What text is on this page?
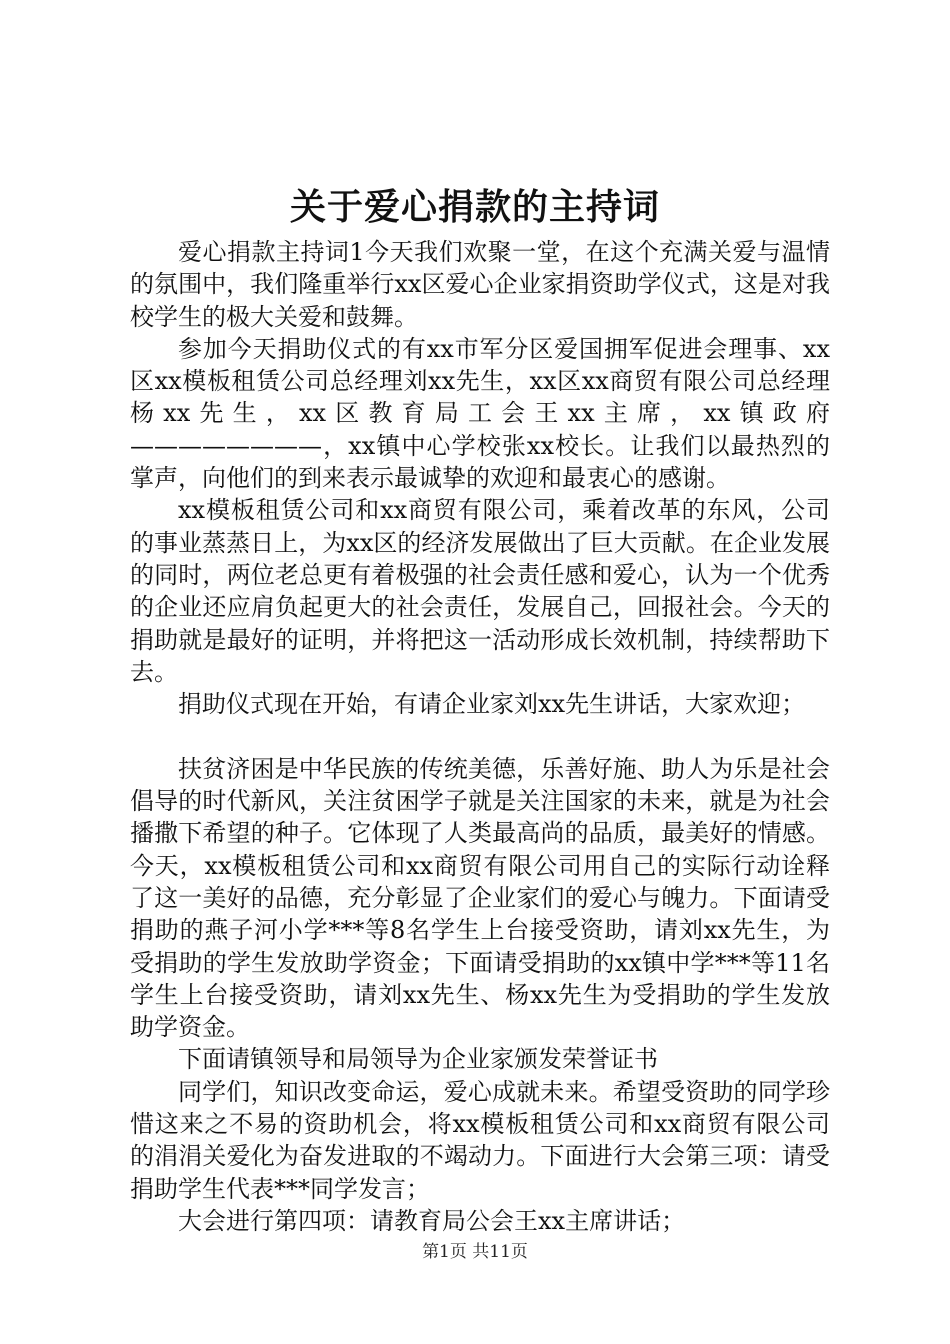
关于爱心捐款的主持词

爱心捐款主持词1今天我们欢聚一堂，在这个充满关爱与温情的氛围中，我们隆重举行xx区爱心企业家捐资助学仪式，这是对我校学生的极大关爱和鼓舞。

参加今天捐助仪式的有xx市军分区爱国拥军促进会理事、xx区xx模板租赁公司总经理刘xx先生，xx区xx商贸有限公司总经理杨xx先生，xx区教育局工会王xx主席，xx镇政府————————，xx镇中心学校张xx校长。让我们以最热烈的掌声，向他们的到来表示最诚挚的欢迎和最衷心的感谢。

xx模板租赁公司和xx商贸有限公司，乘着改革的东风，公司的事业蒸蒸日上，为xx区的经济发展做出了巨大贡献。在企业发展的同时，两位老总更有着极强的社会责任感和爱心，认为一个优秀的企业还应肩负起更大的社会责任，发展自己，回报社会。今天的捐助就是最好的证明，并将把这一活动形成长效机制，持续帮助下去。

捐助仪式现在开始，有请企业家刘xx先生讲话，大家欢迎；

扶贫济困是中华民族的传统美德，乐善好施、助人为乐是社会倡导的时代新风，关注贫困学子就是关注国家的未来，就是为社会播撒下希望的种子。它体现了人类最高尚的品质，最美好的情感。今天，xx模板租赁公司和xx商贸有限公司用自己的实际行动诠释了这一美好的品德，充分彰显了企业家们的爱心与魄力。下面请受捐助的燕子河小学***等8名学生上台接受资助，请刘xx先生，为受捐助的学生发放助学资金；下面请受捐助的xx镇中学***等11名学生上台接受资助，请刘xx先生、杨xx先生为受捐助的学生发放助学资金。

下面请镇领导和局领导为企业家颁发荣誉证书

同学们，知识改变命运，爱心成就未来。希望受资助的同学珍惜这来之不易的资助机会，将xx模板租赁公司和xx商贸有限公司的涓涓关爱化为奋发进取的不竭动力。下面进行大会第三项：请受捐助学生代表***同学发言；

大会进行第四项：请教育局公会王xx主席讲话；

第1页 共11页
